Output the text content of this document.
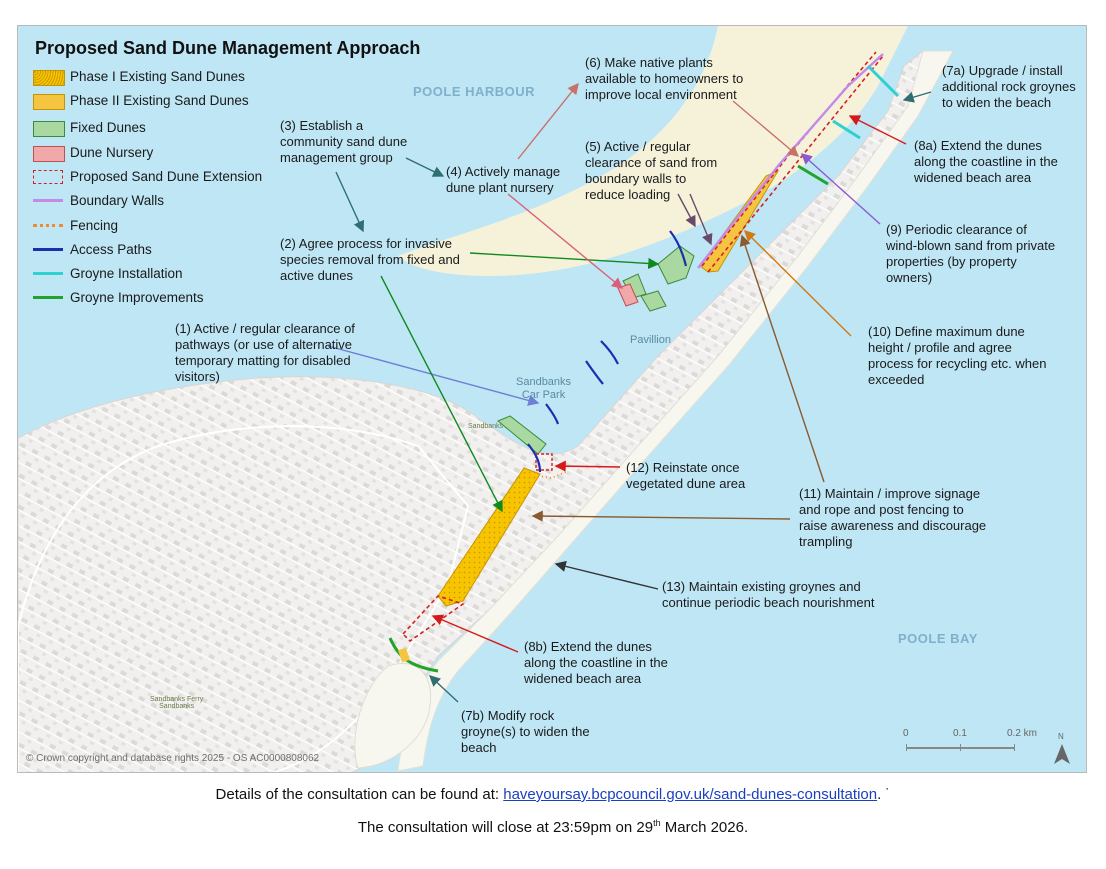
Proposed Sand Dune Management Approach
Phase I Existing Sand Dunes
Phase II Existing Sand Dunes
Fixed Dunes
Dune Nursery
Proposed Sand Dune Extension
Boundary Walls
Fencing
Access Paths
Groyne Installation
Groyne Improvements
POOLE HARBOUR
POOLE BAY
Sandbanks
Car Park
Pavillion
Sandbanks
Sandbanks Ferry
Sandbanks
(1) Active / regular clearance of
pathways (or use of alternative
temporary matting for disabled
visitors)
(2) Agree process for invasive
species removal from fixed and
active dunes
(3) Establish a
community sand dune
management group
(4) Actively manage
dune plant nursery
(5) Active / regular
clearance of sand from
boundary walls to
reduce loading
(6) Make native plants
available to homeowners to
improve local environment
(7a) Upgrade / install
additional rock groynes
to widen the beach
(8a) Extend the dunes
along the coastline in the
widened beach area
(9) Periodic clearance of
wind-blown sand from private
properties (by property
owners)
(10) Define maximum dune
height / profile and agree
process for recycling etc. when
exceeded
(11) Maintain / improve signage
and rope and post fencing to
raise awareness and discourage
trampling
(12) Reinstate once
vegetated dune area
(13) Maintain existing groynes and
continue periodic beach nourishment
(8b) Extend the dunes
along the coastline in the
widened beach area
(7b) Modify rock
groyne(s) to widen the
beach
© Crown copyright and database rights 2025 - OS AC0000808062
0	0.1	0.2 km	N
Details of the consultation can be found at: haveyoursay.bcpcouncil.gov.uk/sand-dunes-consultation. ˙
The consultation will close at 23:59pm on 29th March 2026.
